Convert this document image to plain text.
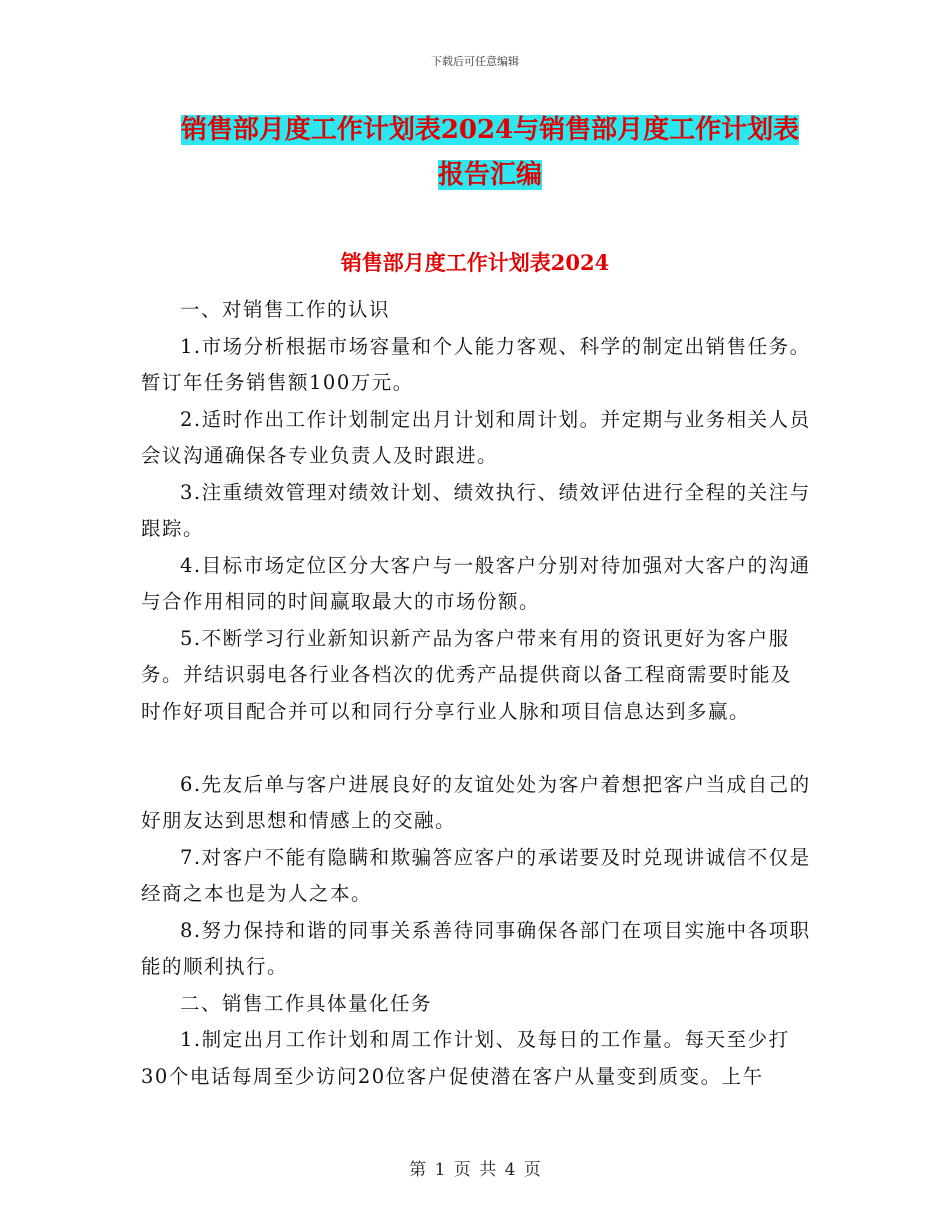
下载后可任意编辑
销售部月度工作计划表2024与销售部月度工作计划表
报告汇编
销售部月度工作计划表2024

一、对销售工作的认识

1.市场分析根据市场容量和个人能力客观、科学的制定出销售任务。暂订年任务销售额100万元。

2.适时作出工作计划制定出月计划和周计划。并定期与业务相关人员会议沟通确保各专业负责人及时跟进。

3.注重绩效管理对绩效计划、绩效执行、绩效评估进行全程的关注与跟踪。

4.目标市场定位区分大客户与一般客户分别对待加强对大客户的沟通与合作用相同的时间赢取最大的市场份额。

5.不断学习行业新知识新产品为客户带来有用的资讯更好为客户服务。并结识弱电各行业各档次的优秀产品提供商以备工程商需要时能及时作好项目配合并可以和同行分享行业人脉和项目信息达到多赢。

6.先友后单与客户进展良好的友谊处处为客户着想把客户当成自己的好朋友达到思想和情感上的交融。

7.对客户不能有隐瞒和欺骗答应客户的承诺要及时兑现讲诚信不仅是经商之本也是为人之本。

8.努力保持和谐的同事关系善待同事确保各部门在项目实施中各项职能的顺利执行。

二、销售工作具体量化任务

1.制定出月工作计划和周工作计划、及每日的工作量。每天至少打30个电话每周至少访问20位客户促使潜在客户从量变到质变。上午

第 1 页 共 4 页
